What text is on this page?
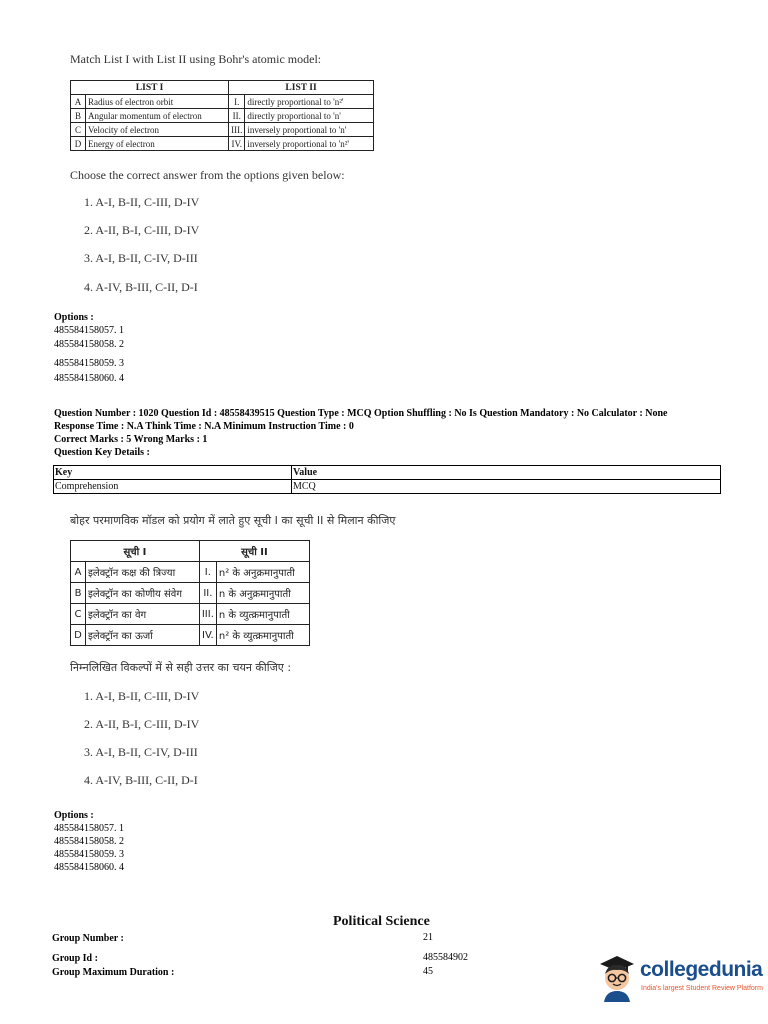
Match List I with List II using Bohr's atomic model:
LIST I		LIST II	
A	Radius of electron orbit	I.	directly proportional to 'n²'
B	Angular momentum of electron	II.	directly proportional to 'n'
C	Velocity of electron	III.	inversely proportional to 'n'
D	Energy of electron	IV.	inversely proportional to 'n²'
Choose the correct answer from the options given below:
1. A-I, B-II, C-III, D-IV
2. A-II, B-I, C-III, D-IV
3. A-I, B-II, C-IV, D-III
4. A-IV, B-III, C-II, D-I
Options :
485584158057. 1
485584158058. 2
485584158059. 3
485584158060. 4
Question Number : 1020 Question Id : 48558439515 Question Type : MCQ Option Shuffling : No Is Question Mandatory : No Calculator : None
Response Time : N.A Think Time : N.A Minimum Instruction Time : 0
Correct Marks : 5 Wrong Marks : 1
Question Key Details :
Key	Value
Comprehension	MCQ
बोहर परमाणविक मॉडल को प्रयोग में लाते हुए सूची I का सूची II से मिलान कीजिए
सूची I		सूची II	
A	इलेक्ट्रॉन कक्ष की त्रिज्या	I.	n² के अनुक्रमानुपाती
B	इलेक्ट्रॉन का कोणीय संवेग	II.	n के अनुक्रमानुपाती
C	इलेक्ट्रॉन का वेग	III.	n के व्युत्क्रमानुपाती
D	इलेक्ट्रॉन का ऊर्जा	IV.	n² के व्युत्क्रमानुपाती
निम्नलिखित विकल्पों में से सही उत्तर का चयन कीजिए :
1. A-I, B-II, C-III, D-IV
2. A-II, B-I, C-III, D-IV
3. A-I, B-II, C-IV, D-III
4. A-IV, B-III, C-II, D-I
Options :
485584158057. 1
485584158058. 2
485584158059. 3
485584158060. 4
Political Science
Group Number :	21
Group Id :	485584902
Group Maximum Duration :	45	collegedunia
India's largest Student Review Platform
